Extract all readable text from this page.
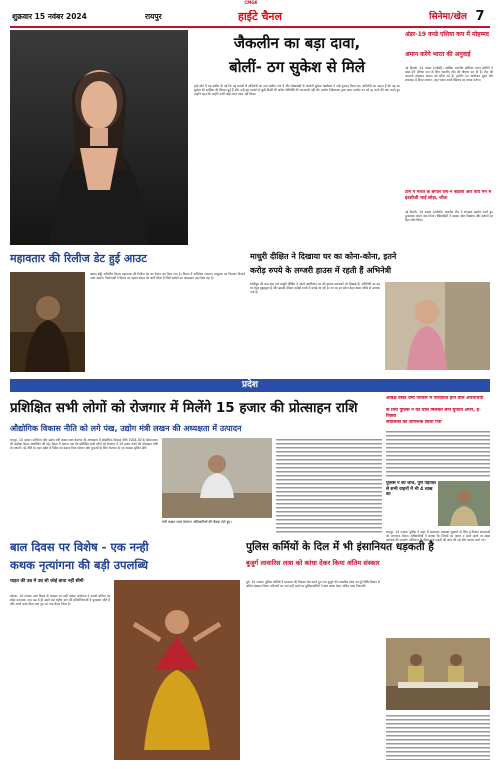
CMGK
शुक्रवार 15 नवंबर 2024	रायपुर	हाईटे चैनल	सिनेमा/खेल 7
जैकलीन का बड़ा दावा,
बोलीं- ठग सुकेश से मिले
हाई कोर्ट में यह दलील दी गई कि यह मामले में अभिनेत्री का नाम घसीटा गया है और धोखाधड़ी के आरोपी सुकेश चंद्रशेखर ने उन्हें गुमराह किया था। अभिनेत्री का कहना है कि वह ठग सुकेश की साज़िश की शिकार हुई हैं और उन्हें इस मामले से जुड़ी किसी भी अवैध गतिविधि की जानकारी नहीं थी। प्रवर्तन निदेशालय द्वारा दायर आरोप पत्र को रद्द करने की मांग करते हुए उन्होंने कहा कि उन्होंने कभी कोई गलत काम नहीं किया।
अंडर-19 वनडे एशिया कप में मोहम्मद
अमान करेंगे भारत की अगुवाई
नई दिल्ली, 14 नवंबर (एजेंसी)। अखिल भारतीय सीनियर चयन समिति ने अंडर-19 एशिया कप के लिए भारतीय टीम की घोषणा कर दी है। टीम की कप्तानी मोहम्मद अमान को सौंपी गई है। टूर्नामेंट का आयोजन दुबई और शारजाह में किया जाएगा, जहां भारत अपने खिताब का बचाव करेगा।
टीम ने मारत के बंगाल एस-ने बहाली और वाये मेन में इंडसीजी भाई छोड़ा, जीता
नई दिल्ली, 14 नवंबर (एजेंसी)। भारतीय टीम ने शानदार प्रदर्शन करते हुए मुकाबला अपने नाम किया। खिलाड़ियों ने दमदार खेल दिखाया और दर्शकों का दिल जीत लिया।
महावतार की रिलीज डेट हुई आउट
ऋषभ शेट्टी अभिनीत फिल्म महावतार की रिलीज डेट का ऐलान कर दिया गया है। फिल्म में अभिनेता भगवान परशुराम का किरदार निभाते नजर आएंगे। निर्माताओं ने फिल्म का पहला पोस्टर भी जारी किया है जिसे दर्शकों का जबरदस्त प्यार मिल रहा है।
माधुरी दीक्षित ने दिखाया घर का कोना-कोना, इतने
करोड़ रुपये के लग्जरी हाउस में रहती हैं अभिनेत्री
बॉलीवुड की धक-धक गर्ल माधुरी दीक्षित ने अपने आलीशान घर की झलक प्रशंसकों को दिखाई है। अभिनेत्री का यह घर बेहद खूबसूरत है और इसकी कीमत करोड़ों रुपये में बताई जा रही है। घर का हर कोना बेहद खास तरीके से सजाया गया है।
प्रदेश
प्रशिक्षित सभी लोगों को रोजगार में मिलेंगे 15 हजार की प्रोत्साहन राशि
औद्योगिक विकास नीति को लगे पंख, उद्योग मंत्री लखन की अध्यक्षता में उत्पादन
रायपुर, 14 नवंबर। वाणिज्य और उद्योग मंत्री लखन लाल देवांगन की अध्यक्षता में औद्योगिक विकास नीति 2024-30 के क्रियान्वयन की समीक्षा बैठक आयोजित की गई। बैठक में बताया गया कि प्रशिक्षित सभी लोगों को रोजगार में 15 हजार रुपये की प्रोत्साहन राशि दी जाएगी। नई नीति के तहत प्रदेश में निवेश को बढ़ावा दिया जाएगा और युवाओं के लिए रोजगार के नए अवसर सृजित होंगे।
मंत्री लखन लाल देवांगन अधिकारियों की बैठक लेते हुए।
आवक्ष वसंत धर्मों परिवार में परिवर्तित होने वाले अपराधियों
के लिए पुलिस ने की चालें मिलकर बना चुनौती अपने, ई-रिक्शा
संचालकों को जागरूक किया गया
पुलिस ने की जांच, पुरी पड़ताल से सभी वाहनों में भी 4 लाख का
रायपुर, 14 नवंबर। पुलिस ने शहर में यातायात व्यवस्था सुधारने के लिए ई-रिक्शा संचालकों को जागरूक किया। अधिकारियों ने बताया कि नियमों का पालन न करने वालों पर सख्त कार्रवाई की जाएगी। अभियान के दौरान कई वाहनों की जांच की गई और चालान काटे गए।
बाल दिवस पर विशेष - एक नन्ही
कथक नृत्यांगना की बड़ी उपलब्धि
चाहत की उम्र में उम्र सी कोई बाधा नहीं सीमी
कोरबा, 14 नवंबर। बाल दिवस के अवसर पर नन्ही कथक नृत्यांगना ने अपनी प्रतिभा का लोहा मनवाया। कम उम्र में ही उसने कई राष्ट्रीय स्तर की प्रतियोगिताओं में पुरस्कार जीते हैं और अपने माता-पिता तथा गुरु का नाम रोशन किया है।
पुलिस कर्मियों के दिल में भी इंसानियत धड़कती है
बुजुर्ग लावारिस लाश को कांधा देकर किया अंतिम संस्कार
दुर्ग, 14 नवंबर। पुलिस कर्मियों ने मानवता की मिसाल पेश करते हुए एक बुजुर्ग की लावारिस लाश का पूरे विधि-विधान से अंतिम संस्कार किया। परिजनों का पता नहीं चलने पर पुलिसकर्मियों ने स्वयं कांधा देकर अंतिम यात्रा निकाली।
